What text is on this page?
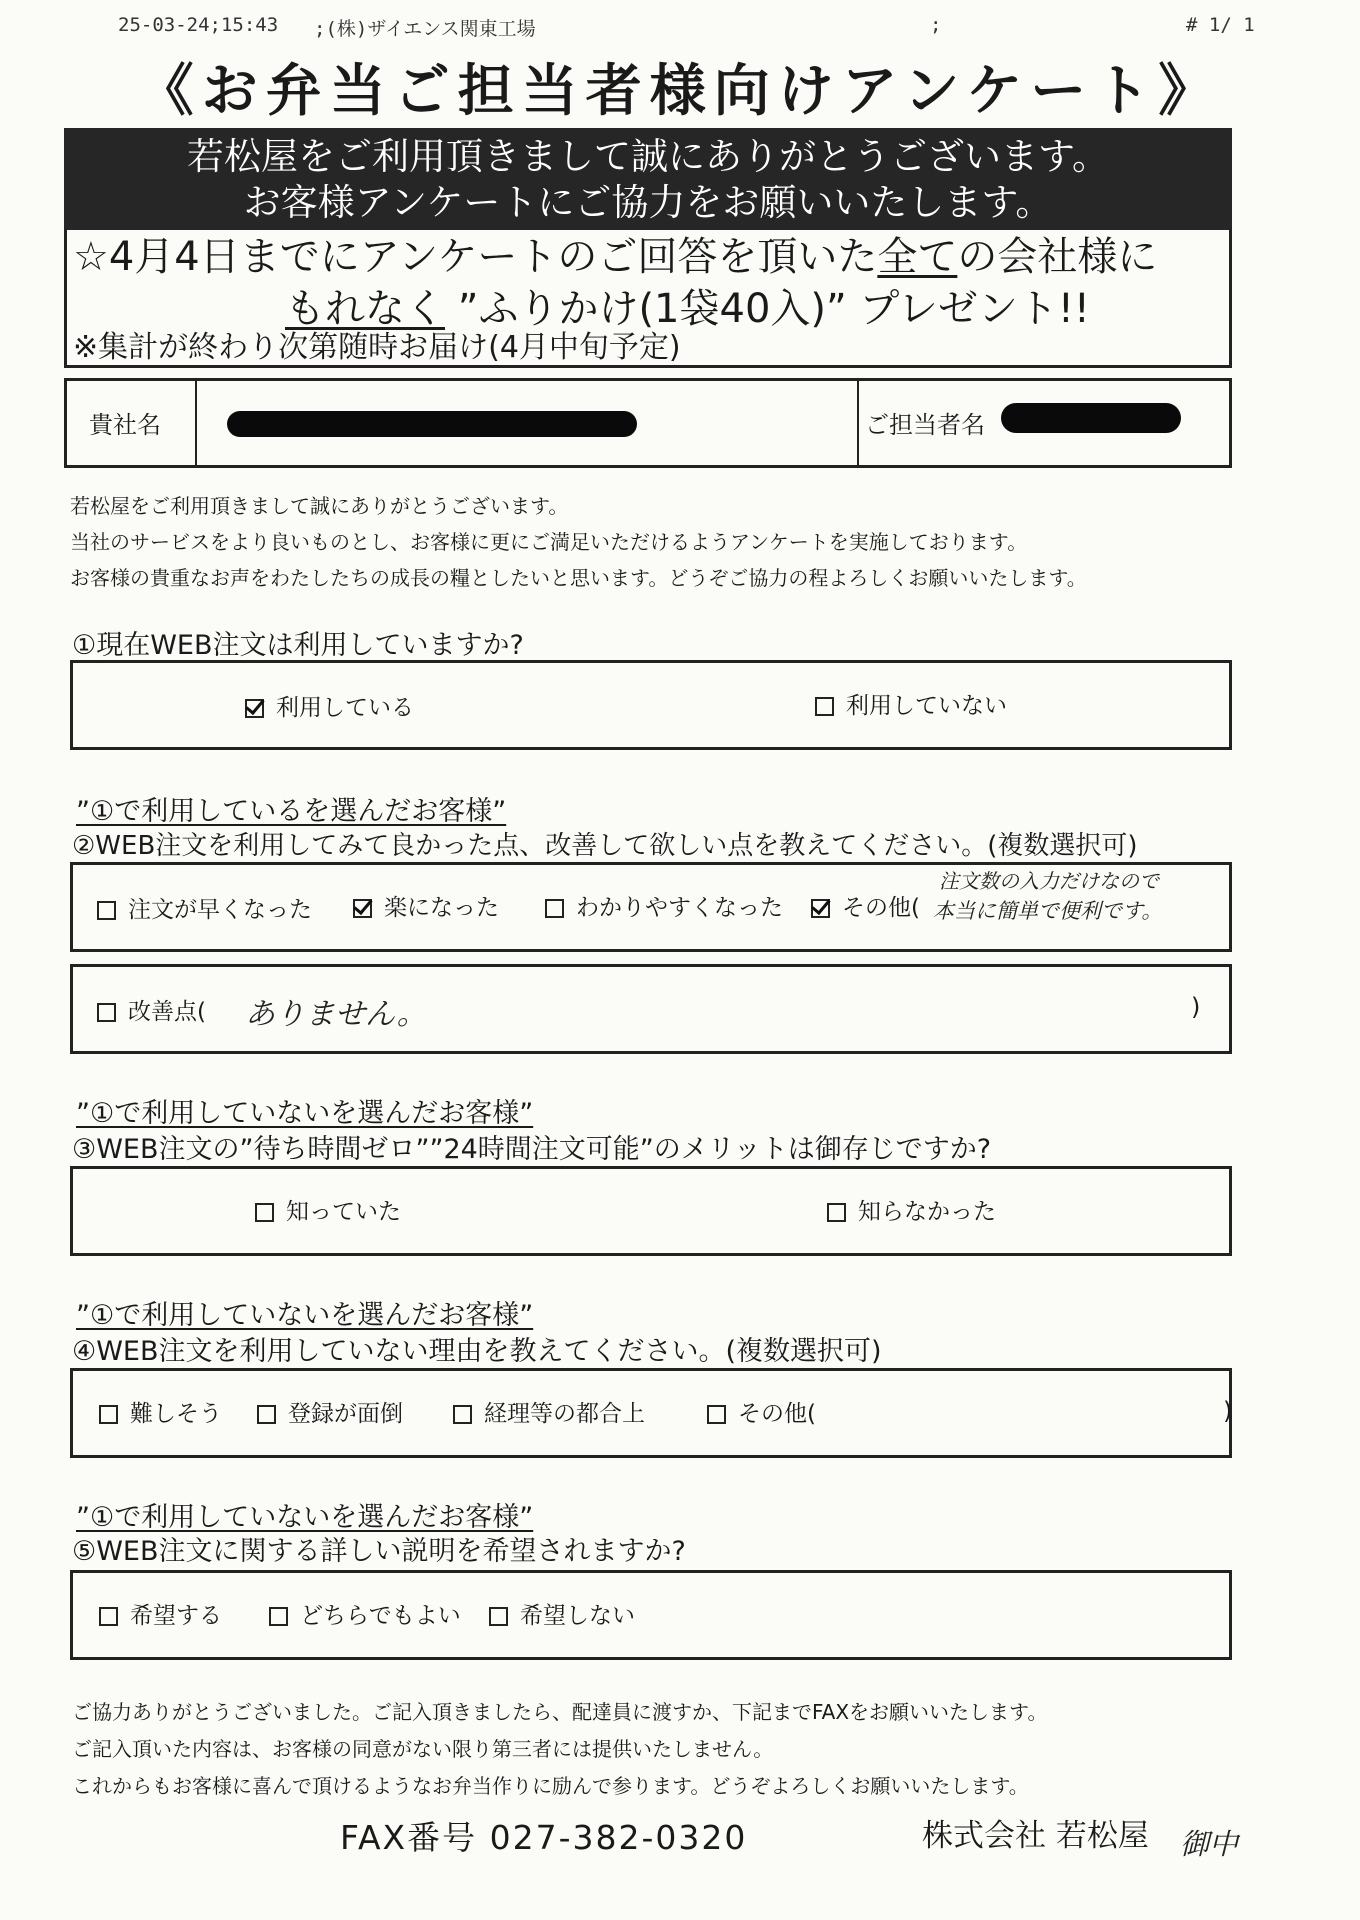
25-03-24;15:43 ;(株)ザイエンス関東工場	;	# 1/ 1
《お弁当ご担当者様向けアンケート》
若松屋をご利用頂きまして誠にありがとうございます。
お客様アンケートにご協力をお願いいたします。
☆4月4日までにアンケートのご回答を頂いた全ての会社様に
もれなく ”ふりかけ(1袋40入)” プレゼント!!
※集計が終わり次第随時お届け(4月中旬予定)
貴社名	ご担当者名
若松屋をご利用頂きまして誠にありがとうございます。
当社のサービスをより良いものとし、お客様に更にご満足いただけるようアンケートを実施しております。
お客様の貴重なお声をわたしたちの成長の糧としたいと思います。どうぞご協力の程よろしくお願いいたします。
①現在WEB注文は利用していますか?
利用している	利用していない
”①で利用しているを選んだお客様”
②WEB注文を利用してみて良かった点、改善して欲しい点を教えてください。(複数選択可)
注文が早くなった	楽になった	わかりやすくなった	その他(
注文数の入力だけなので
本当に簡単で便利です。
改善点( ありません。	)
”①で利用していないを選んだお客様”
③WEB注文の”待ち時間ゼロ””24時間注文可能”のメリットは御存じですか?
知っていた	知らなかった
”①で利用していないを選んだお客様”
④WEB注文を利用していない理由を教えてください。(複数選択可)
難しそう	登録が面倒	経理等の都合上	その他(	)
”①で利用していないを選んだお客様”
⑤WEB注文に関する詳しい説明を希望されますか?
希望する	どちらでもよい	希望しない
ご協力ありがとうございました。ご記入頂きましたら、配達員に渡すか、下記までFAXをお願いいたします。
ご記入頂いた内容は、お客様の同意がない限り第三者には提供いたしません。
これからもお客様に喜んで頂けるようなお弁当作りに励んで参ります。どうぞよろしくお願いいたします。
FAX番号 027-382-0320	株式会社 若松屋 御中
